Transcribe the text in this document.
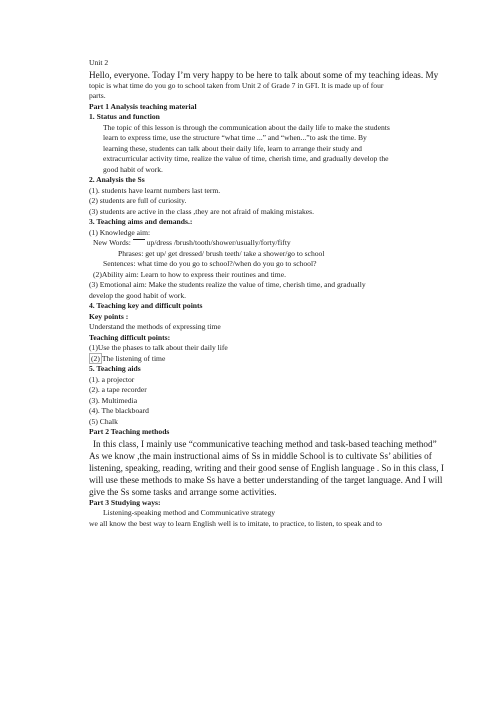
Unit 2
Hello, everyone. Today I’m very happy to be here to talk about some of my teaching ideas. My
topic is what time do you go to school taken from Unit 2 of Grade 7 in GFI. It is made up of four
parts.
Part 1 Analysis teaching material
1. Status and function
The topic of this lesson is through the communication about the daily life to make the students
learn to express time, use the structure “what time ...” and “when...”to ask the time. By
learning these, students can talk about their daily life, learn to arrange their study and
extracurricular activity time, realize the value of time, cherish time, and gradually develop the
good habit of work.
2. Analysis the Ss
(1). students have learnt numbers last term.
(2) students are full of curiosity.
(3) students are active in the class ,they are not afraid of making mistakes.
3. Teaching aims and demands.:
(1) Knowledge aim:
New Words: up/dress /brush/tooth/shower/usually/forty/fifty
Phrases: get up/ get dressed/ brush teeth/ take a shower/go to school
Sentences: what time do you go to school?/when do you go to school?
(2)Ability aim: Learn to how to express their routines and time.
(3) Emotional aim: Make the students realize the value of time, cherish time, and gradually
develop the good habit of work.
4. Teaching key and difficult points
Key points :
Understand the methods of expressing time
Teaching difficult points:
(1)Use the phases to talk about their daily life
(2) The listening of time
5. Teaching aids
(1). a projector
(2). a tape recorder
(3). Multimedia
(4). The blackboard
(5) Chalk
Part 2 Teaching methods
In this class, I mainly use “communicative teaching method and task-based teaching method”
As we know ,the main instructional aims of Ss in middle School is to cultivate Ss’ abilities of
listening, speaking, reading, writing and their good sense of English language . So in this class, I
will use these methods to make Ss have a better understanding of the target language. And I will
give the Ss some tasks and arrange some activities.
Part 3 Studying ways:
Listening-speaking method and Communicative strategy
we all know the best way to learn English well is to imitate, to practice, to listen, to speak and to
